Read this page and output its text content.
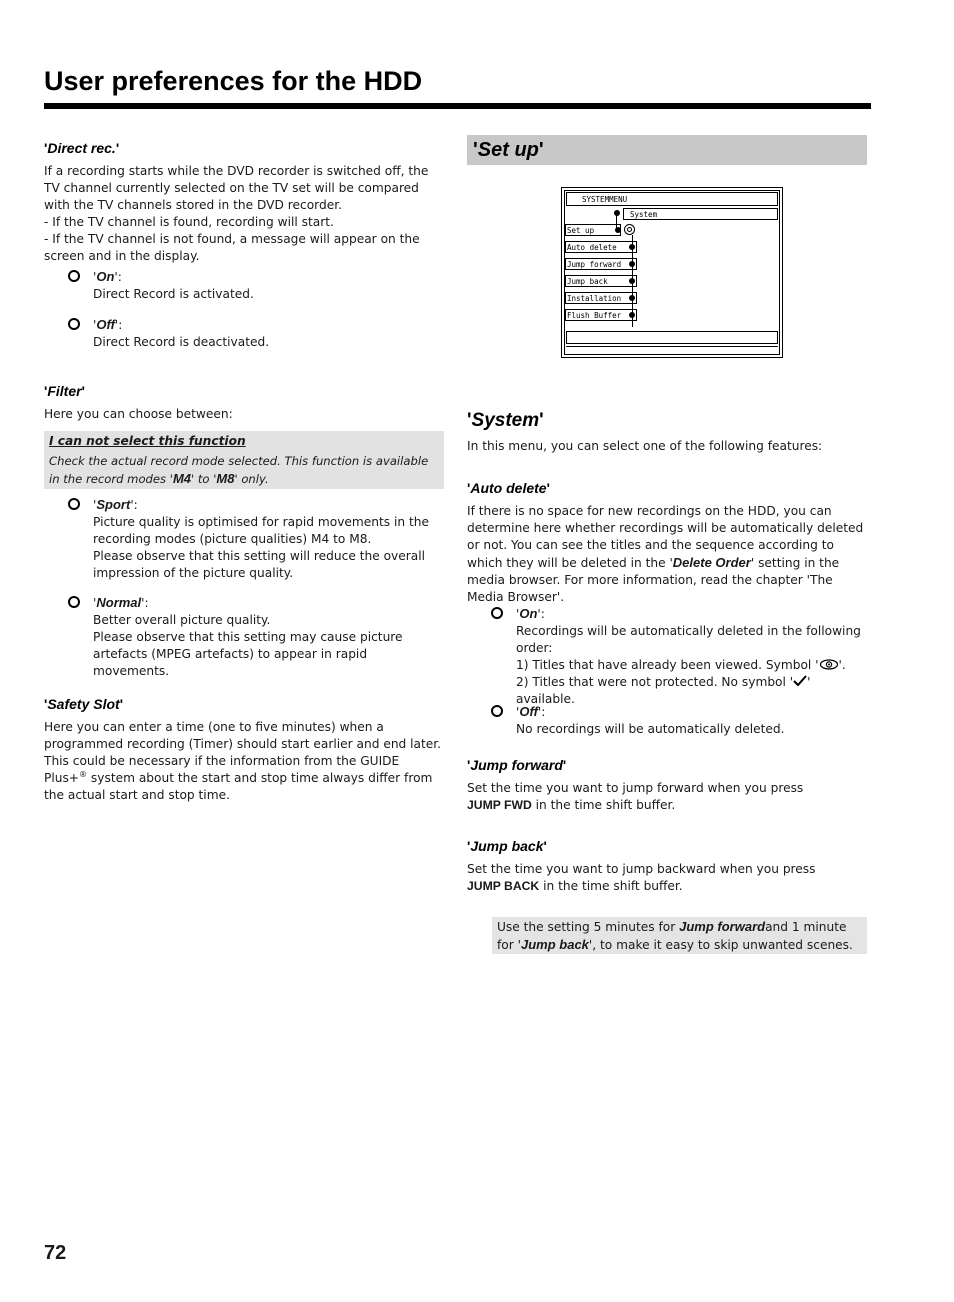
User preferences for the HDD
'Direct rec.'

If a recording starts while the DVD recorder is switched off, the TV channel currently selected on the TV set will be compared with the TV channels stored in the DVD recorder.

- If the TV channel is found, recording will start.

- If the TV channel is not found, a message will appear on the screen and in the display.

'On':
Direct Record is activated.
'Off':
Direct Record is deactivated.
'Filter'

Here you can choose between:

I can not select this function
Check the actual record mode selected. This function is available in the record modes 'M4' to 'M8' only.
'Sport':
Picture quality is optimised for rapid movements in the recording modes (picture qualities) M4 to M8.
Please observe that this setting will reduce the overall impression of the picture quality.
'Normal':
Better overall picture quality.
Please observe that this setting may cause picture artefacts (MPEG artefacts) to appear in rapid movements.
'Safety Slot'

Here you can enter a time (one to five minutes) when a programmed recording (Timer) should start earlier and end later. This could be necessary if the information from the GUIDE Plus+® system about the start and stop time always differ from the actual start and stop time.

'Set up'
SYSTEMMENU
System
Set up
Auto delete
Jump forward
Jump back
Installation
Flush Buffer
'System'

In this menu, you can select one of the following features:

'Auto delete'

If there is no space for new recordings on the HDD, you can determine here whether recordings will be automatically deleted or not. You can see the titles and the sequence according to which they will be deleted in the 'Delete Order' setting in the media browser. For more information, read the chapter 'The Media Browser'.

'On':
Recordings will be automatically deleted in the following order:
1) Titles that have already been viewed. Symbol ' '.
2) Titles that were not protected. No symbol ' ' available.
'Off':
No recordings will be automatically deleted.
'Jump forward'

Set the time you want to jump forward when you press JUMP FWD in the time shift buffer.

'Jump back'

Set the time you want to jump backward when you press JUMP BACK in the time shift buffer.

Use the setting 5 minutes for Jump forwardand 1 minute for 'Jump back', to make it easy to skip unwanted scenes.

72
